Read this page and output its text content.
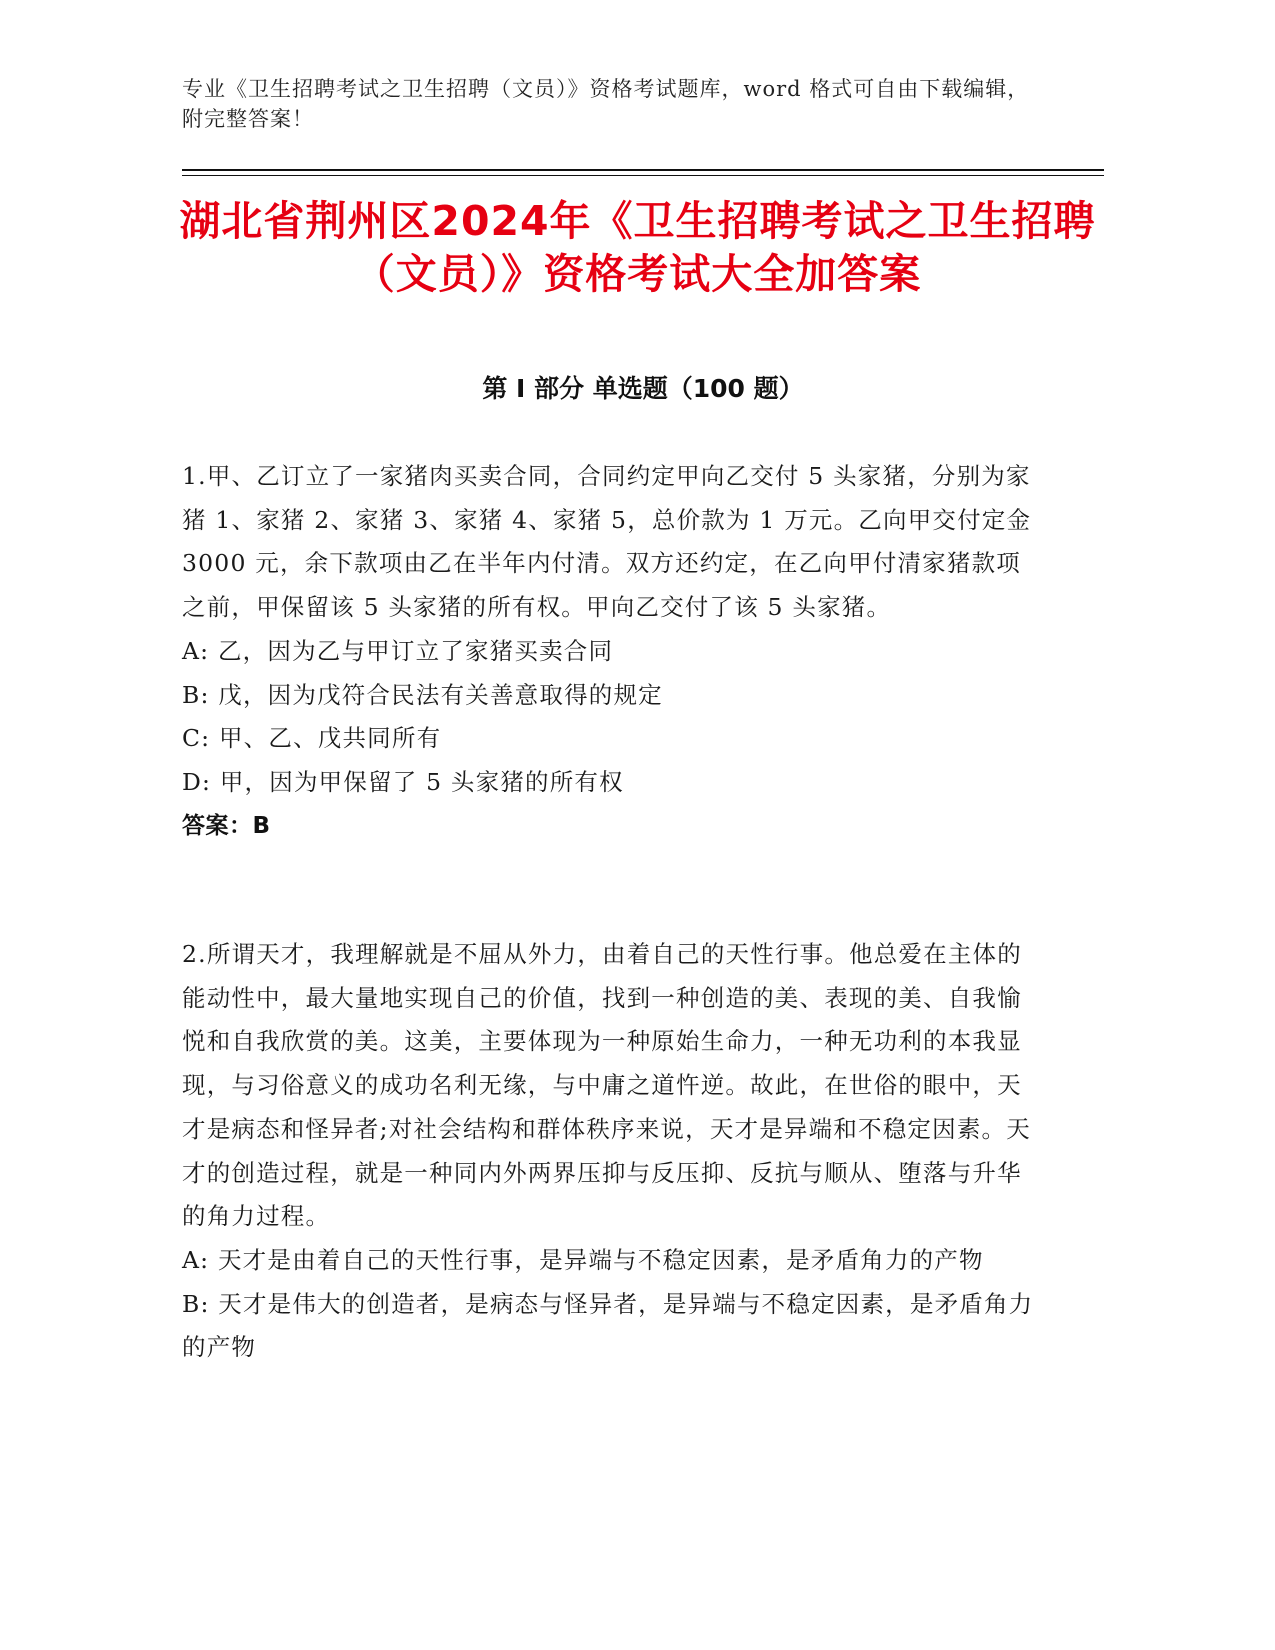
专业《卫生招聘考试之卫生招聘（文员）》资格考试题库，word 格式可自由下载编辑，附完整答案！
湖北省荆州区2024年《卫生招聘考试之卫生招聘（文员）》资格考试大全加答案
第 I 部分 单选题（100 题）

1.甲、乙订立了一家猪肉买卖合同，合同约定甲向乙交付 5 头家猪，分别为家猪 1、家猪 2、家猪 3、家猪 4、家猪 5，总价款为 1 万元。乙向甲交付定金 3000 元，余下款项由乙在半年内付清。双方还约定，在乙向甲付清家猪款项之前，甲保留该 5 头家猪的所有权。甲向乙交付了该 5 头家猪。

A: 乙，因为乙与甲订立了家猪买卖合同

B: 戊，因为戊符合民法有关善意取得的规定

C: 甲、乙、戊共同所有

D: 甲，因为甲保留了 5 头家猪的所有权

答案：B

2.所谓天才，我理解就是不屈从外力，由着自己的天性行事。他总爱在主体的能动性中，最大量地实现自己的价值，找到一种创造的美、表现的美、自我愉悦和自我欣赏的美。这美，主要体现为一种原始生命力，一种无功利的本我显现，与习俗意义的成功名利无缘，与中庸之道忤逆。故此，在世俗的眼中，天才是病态和怪异者;对社会结构和群体秩序来说，天才是异端和不稳定因素。天才的创造过程，就是一种同内外两界压抑与反压抑、反抗与顺从、堕落与升华的角力过程。

A: 天才是由着自己的天性行事，是异端与不稳定因素，是矛盾角力的产物

B: 天才是伟大的创造者，是病态与怪异者，是异端与不稳定因素，是矛盾角力的产物
